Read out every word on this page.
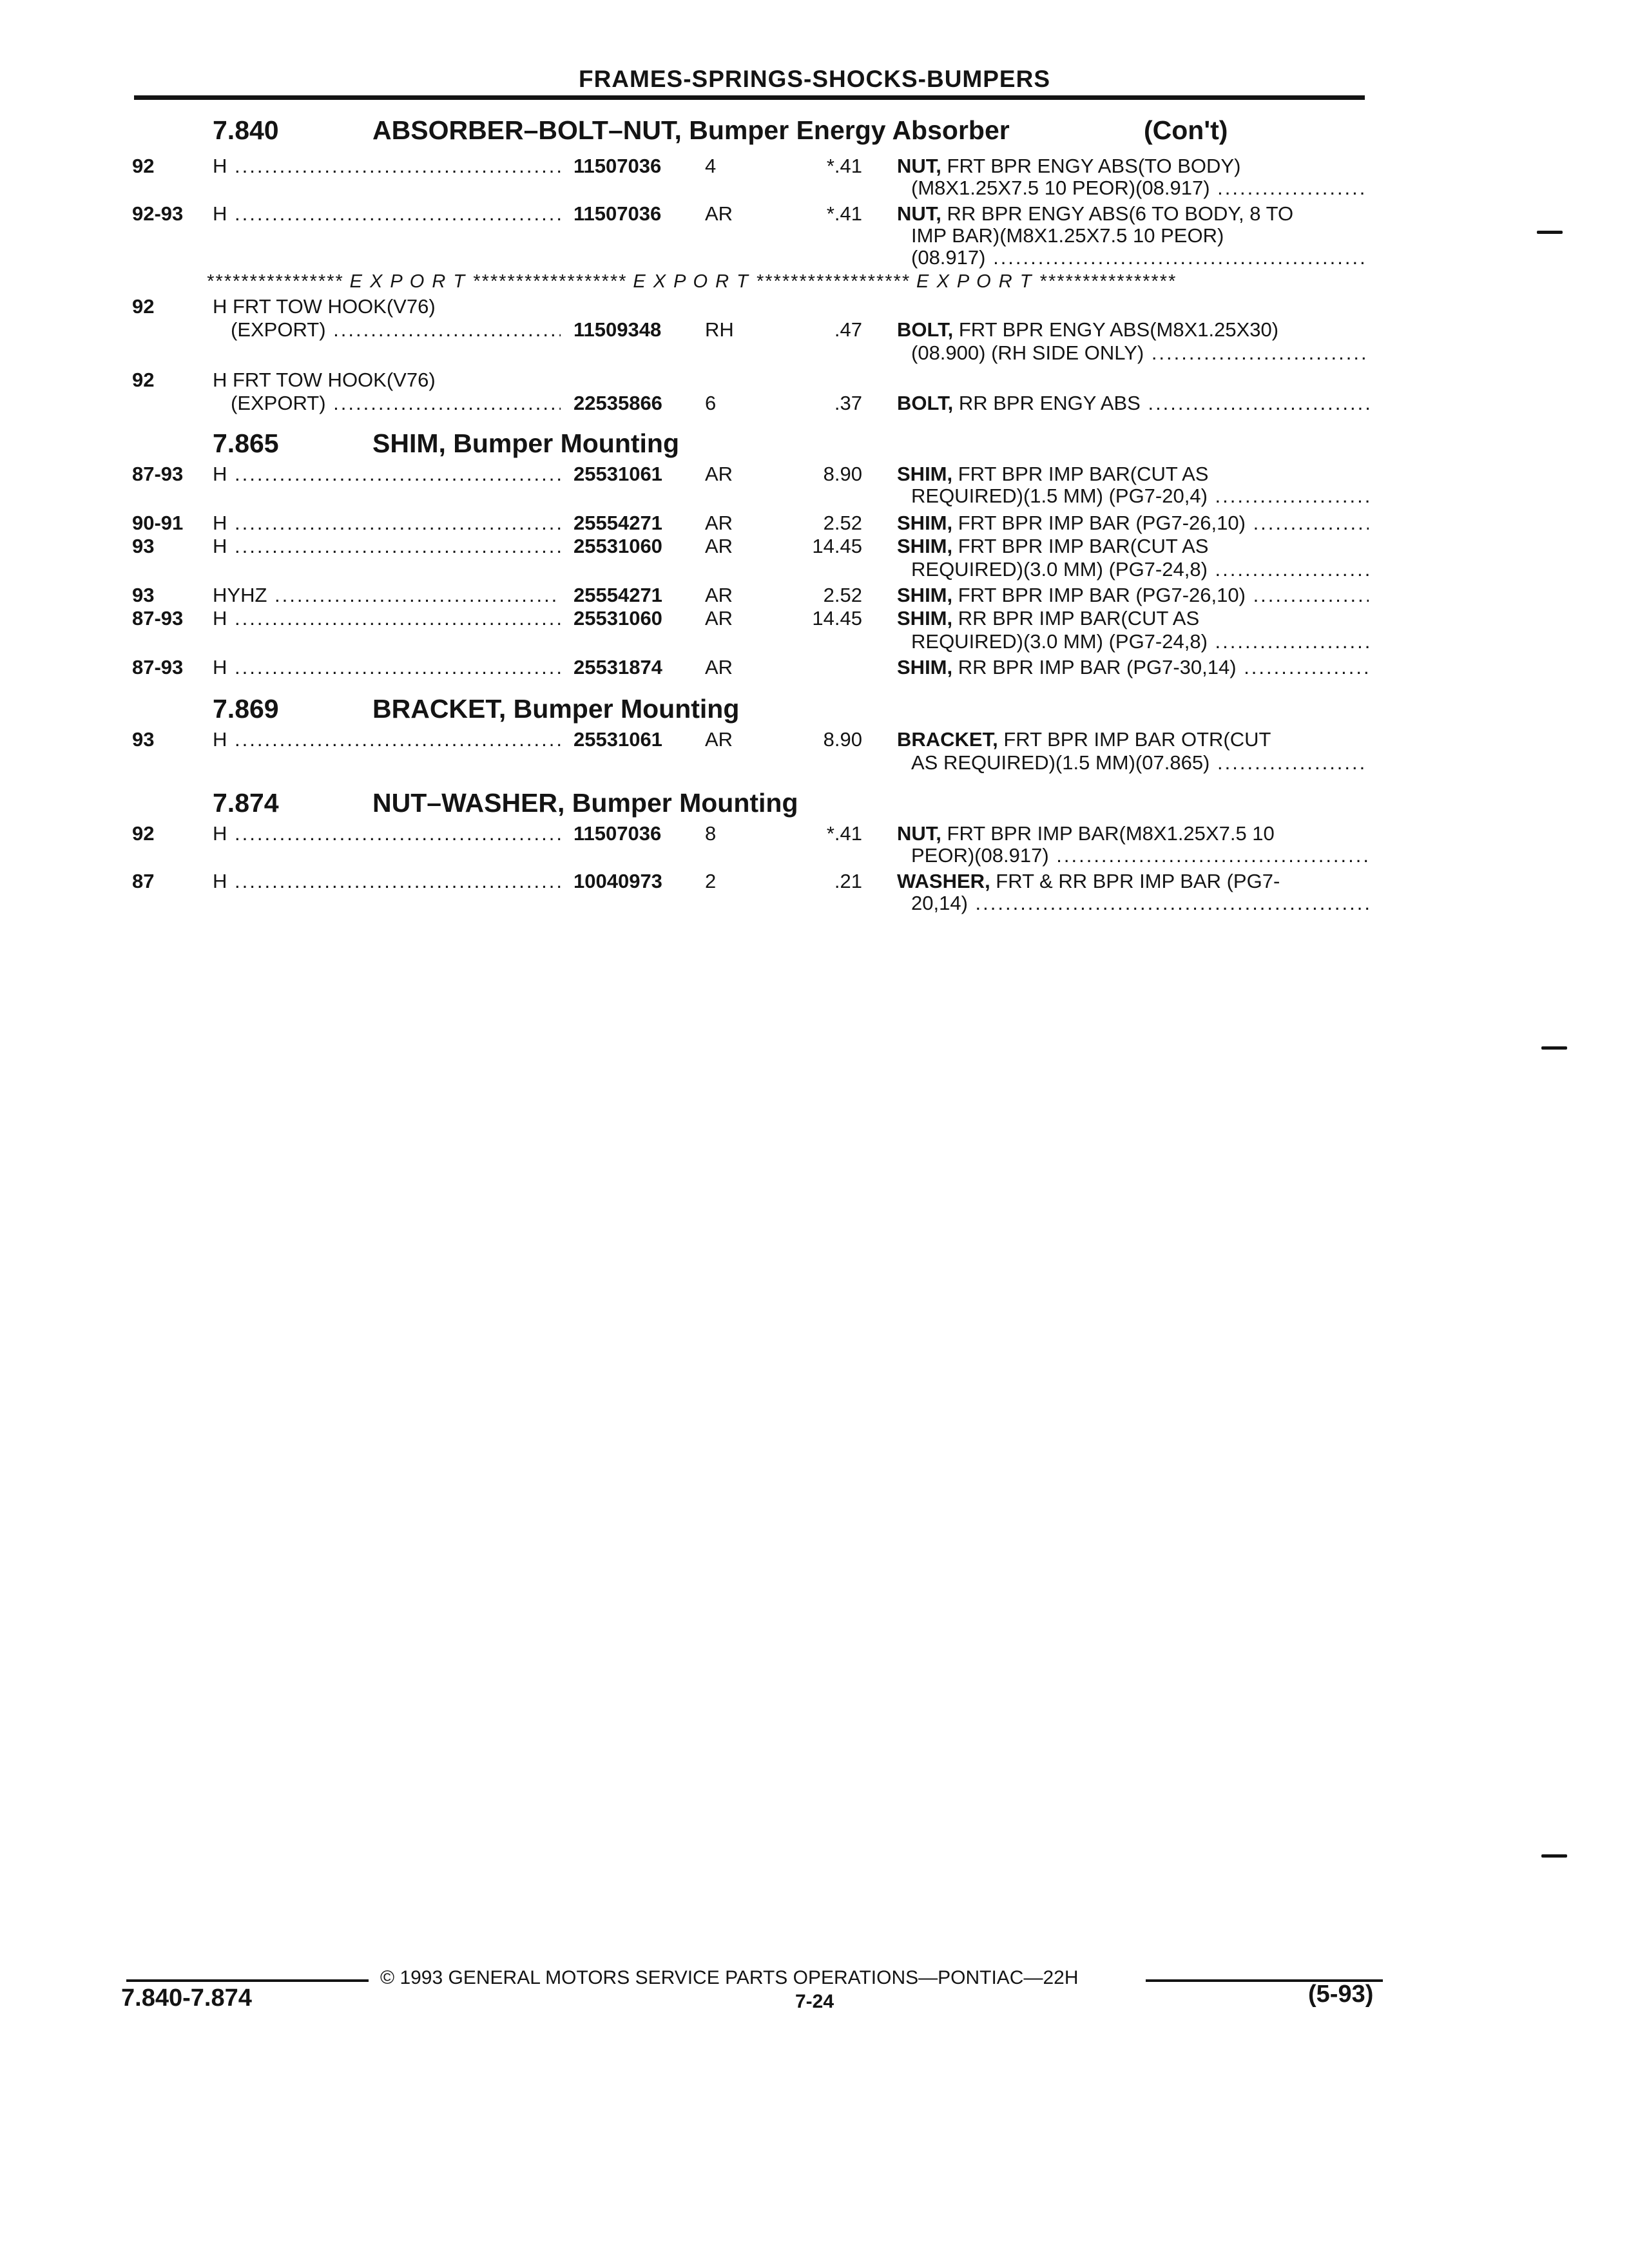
FRAMES-SPRINGS-SHOCKS-BUMPERS
7.840	ABSORBER–BOLT–NUT, Bumper Energy Absorber	(Con't)
92	H .....	11507036 4	*.41 NUT, FRT BPR ENGY ABS(TO BODY)
(M8X1.25X7.5 10 PEOR)(08.917) .....
92-93 H .....	11507036 AR	*.41 NUT, RR BPR ENGY ABS(6 TO BODY, 8 TO
IMP BAR)(M8X1.25X7.5 10 PEOR)
(08.917) .....
**************** E X P O R T ****************** E X P O R T ****************** E X P O R T ****************
92	H FRT TOW HOOK(V76)
(EXPORT) .....	11509348 RH	.47 BOLT, FRT BPR ENGY ABS(M8X1.25X30)
(08.900) (RH SIDE ONLY) .....
92	H FRT TOW HOOK(V76)
(EXPORT) .....	22535866 6	.37 BOLT, RR BPR ENGY ABS .....
7.865	SHIM, Bumper Mounting
87-93 H .....	25531061 AR	8.90 SHIM, FRT BPR IMP BAR(CUT AS
REQUIRED)(1.5 MM) (PG7-20,4) .....
90-91 H .....	25554271 AR	2.52 SHIM, FRT BPR IMP BAR (PG7-26,10) .....
93	H .....	25531060 AR	14.45 SHIM, FRT BPR IMP BAR(CUT AS
REQUIRED)(3.0 MM) (PG7-24,8) .....
93	HYHZ .....	25554271 AR	2.52 SHIM, FRT BPR IMP BAR (PG7-26,10) .....
87-93 H .....	25531060 AR	14.45 SHIM, RR BPR IMP BAR(CUT AS
REQUIRED)(3.0 MM) (PG7-24,8) .....
87-93 H .....	25531874 AR	SHIM, RR BPR IMP BAR (PG7-30,14) .....
7.869	BRACKET, Bumper Mounting
93	H .....	25531061 AR	8.90 BRACKET, FRT BPR IMP BAR OTR(CUT
AS REQUIRED)(1.5 MM)(07.865) .....
7.874	NUT–WASHER, Bumper Mounting
92	H .....	11507036 8	*.41 NUT, FRT BPR IMP BAR(M8X1.25X7.5 10
PEOR)(08.917) .....
87	H .....	10040973 2	.21 WASHER, FRT & RR BPR IMP BAR (PG7-
20,14) .....
© 1993 GENERAL MOTORS SERVICE PARTS OPERATIONS—PONTIAC—22H
7.840-7.874	7-24	(5-93)
